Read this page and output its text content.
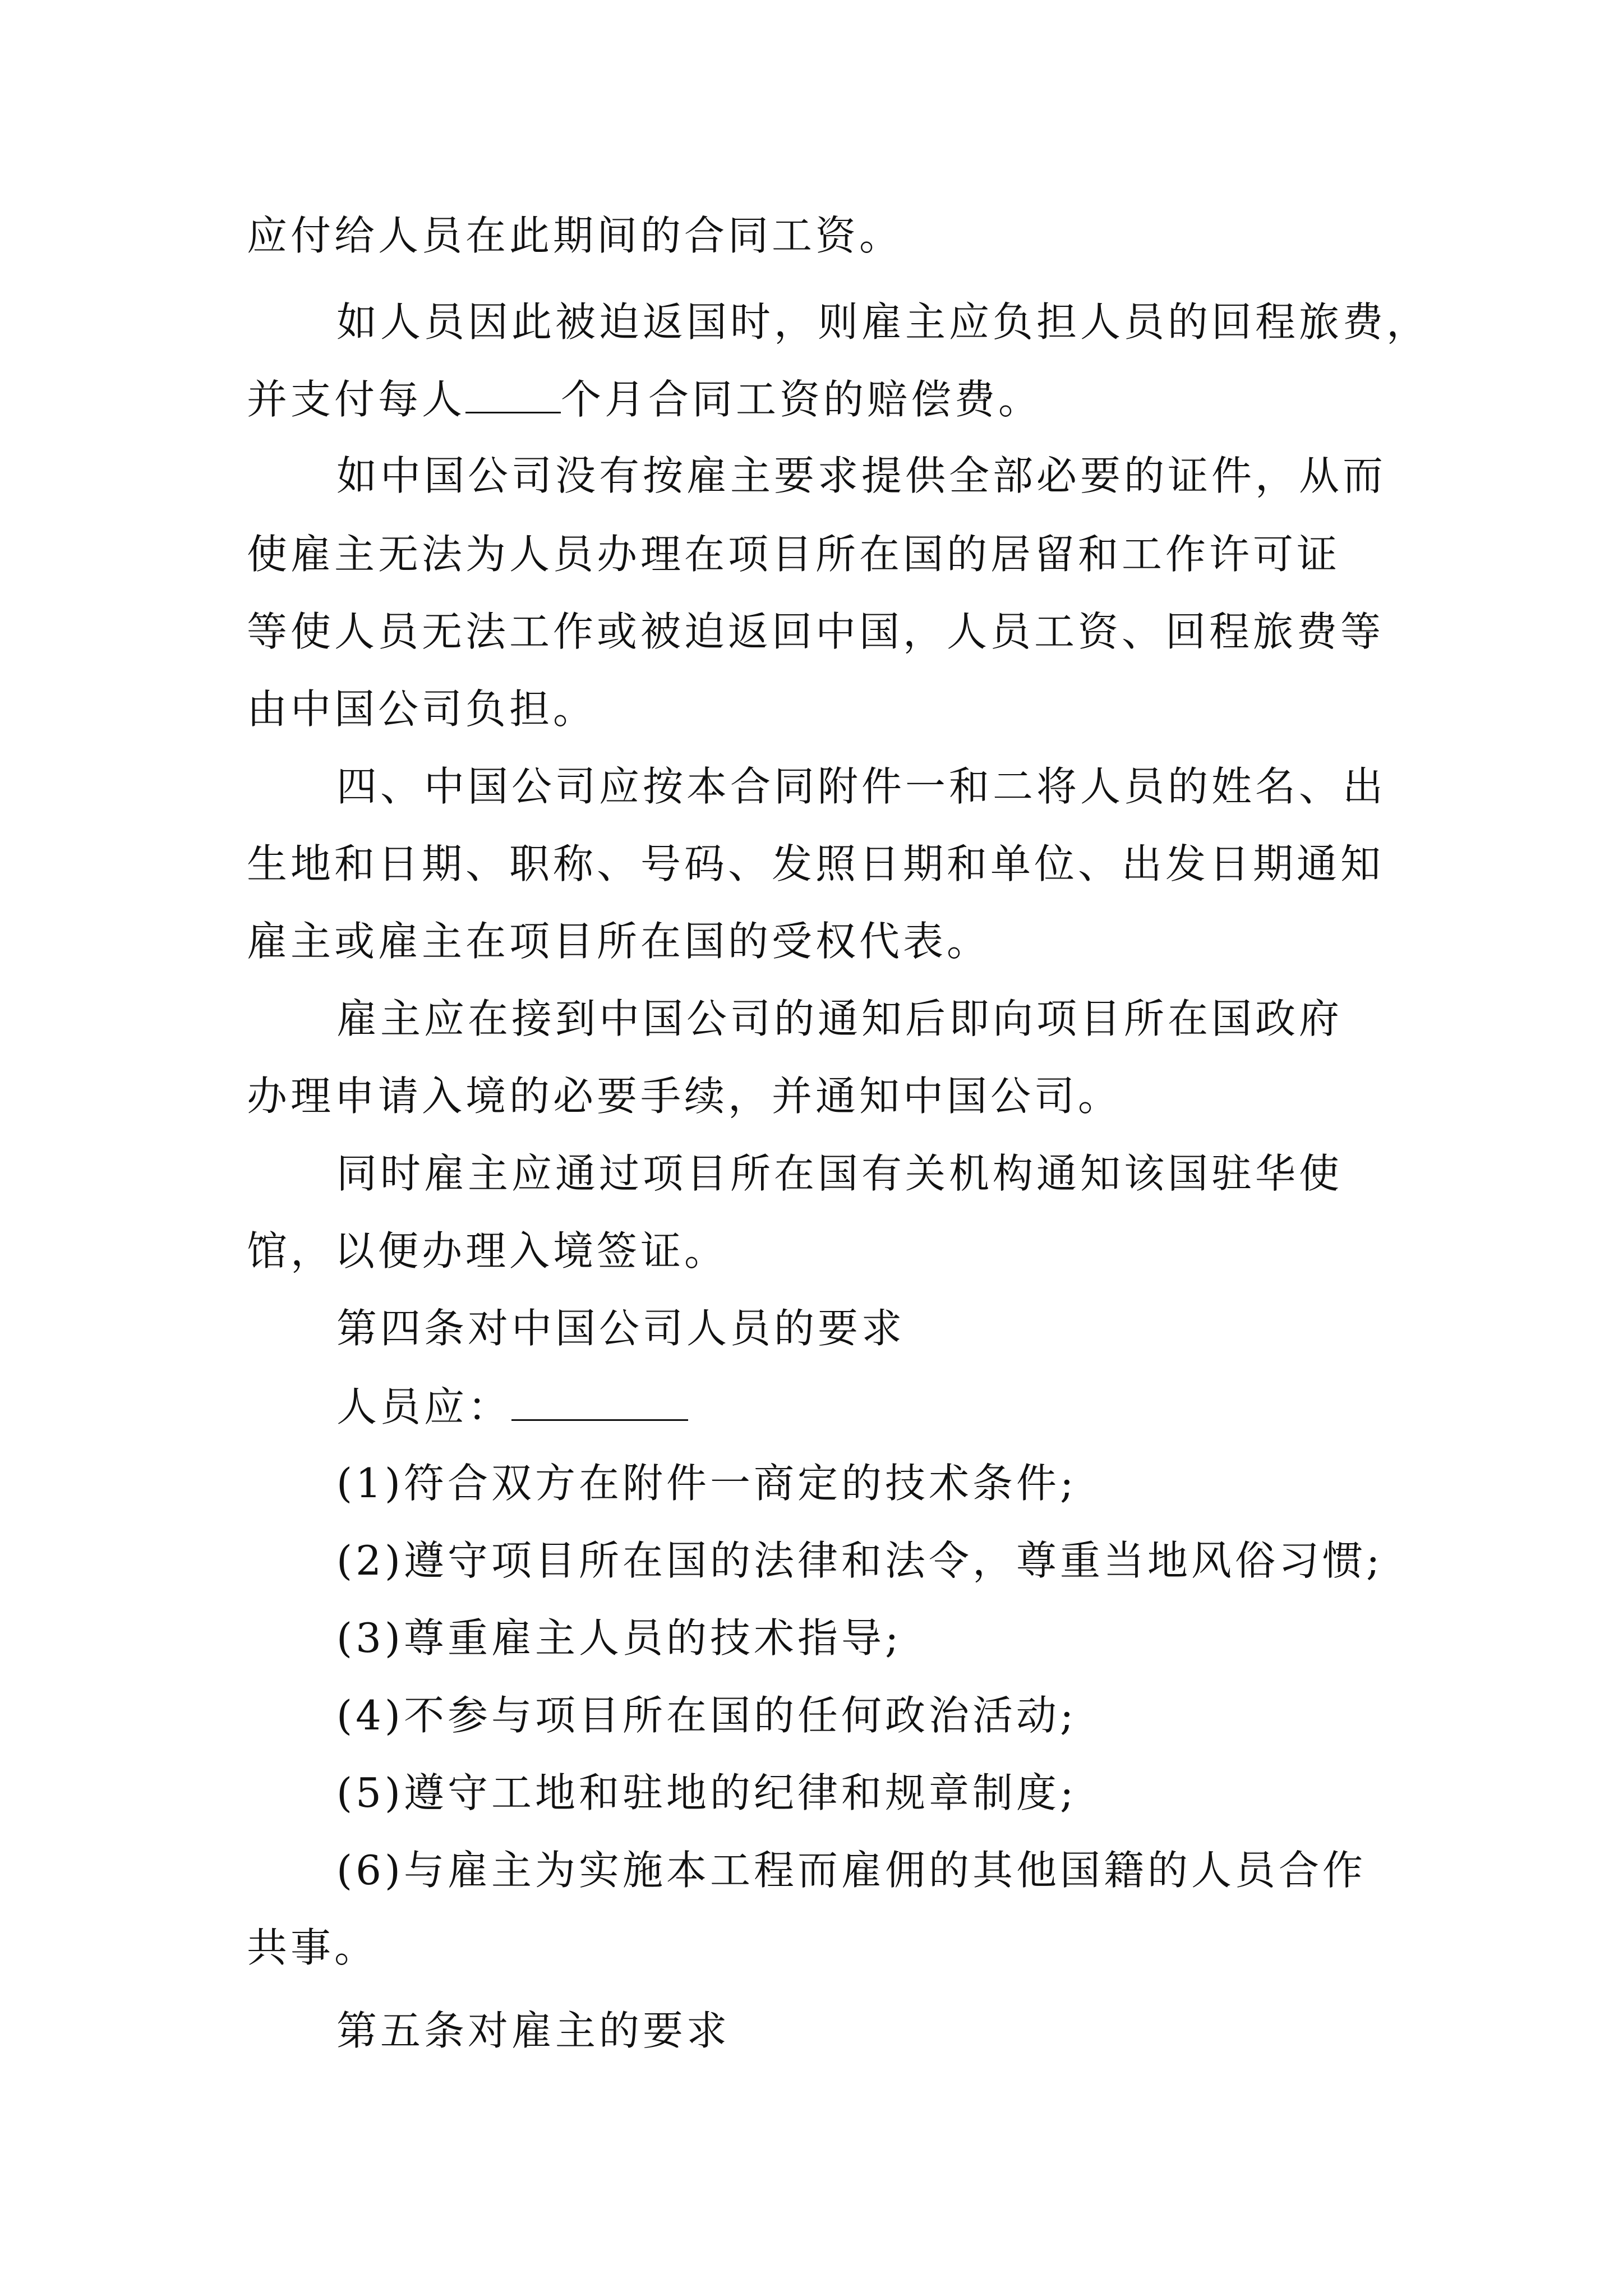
应付给人员在此期间的合同工资。
如人员因此被迫返国时，则雇主应负担人员的回程旅费，
并支付每人 个月合同工资的赔偿费。
如中国公司没有按雇主要求提供全部必要的证件，从而
使雇主无法为人员办理在项目所在国的居留和工作许可证
等使人员无法工作或被迫返回中国，人员工资、回程旅费等
由中国公司负担。
四、中国公司应按本合同附件一和二将人员的姓名、出
生地和日期、职称、号码、发照日期和单位、出发日期通知
雇主或雇主在项目所在国的受权代表。
雇主应在接到中国公司的通知后即向项目所在国政府
办理申请入境的必要手续，并通知中国公司。
同时雇主应通过项目所在国有关机构通知该国驻华使
馆，以便办理入境签证。
第四条对中国公司人员的要求
人员应：
(1)符合双方在附件一商定的技术条件;
(2)遵守项目所在国的法律和法令，尊重当地风俗习惯;
(3)尊重雇主人员的技术指导;
(4)不参与项目所在国的任何政治活动;
(5)遵守工地和驻地的纪律和规章制度;
(6)与雇主为实施本工程而雇佣的其他国籍的人员合作
共事。
第五条对雇主的要求
